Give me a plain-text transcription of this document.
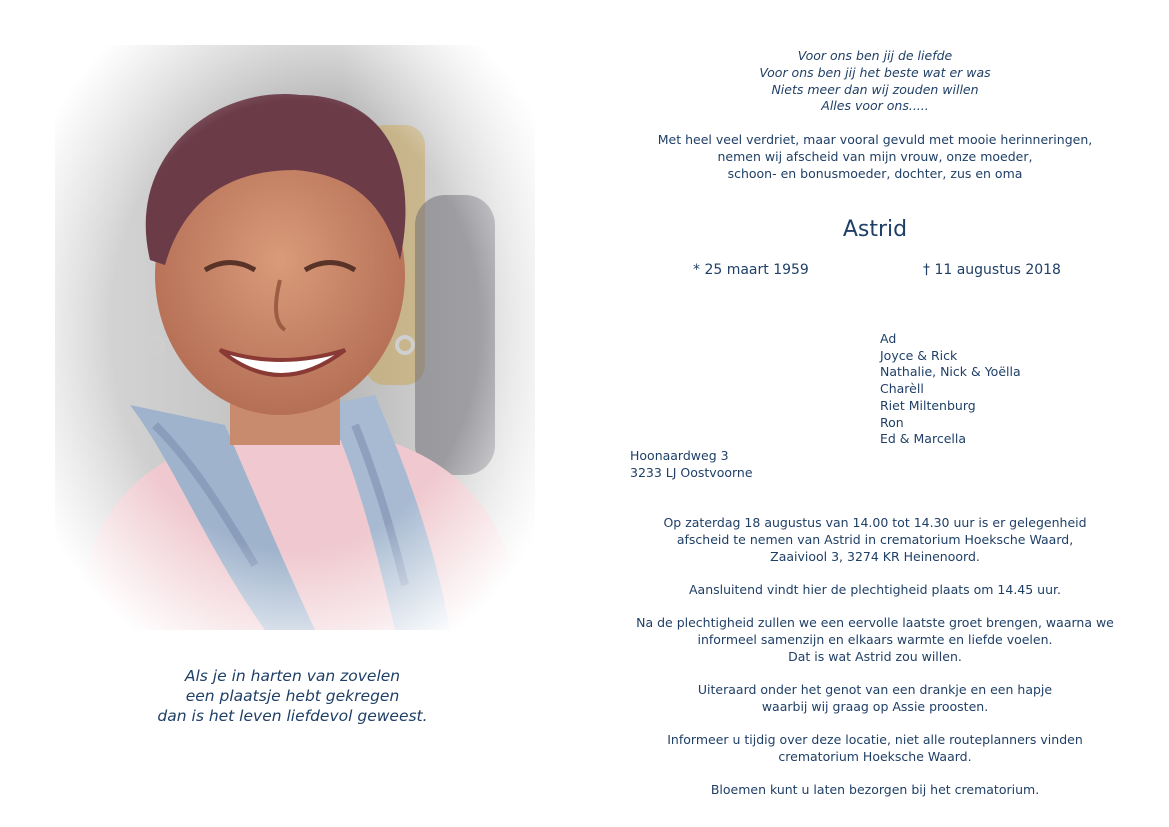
Als je in harten van zovelen
een plaatsje hebt gekregen
dan is het leven liefdevol geweest.
Voor ons ben jij de liefde
Voor ons ben jij het beste wat er was
Niets meer dan wij zouden willen
Alles voor ons.....
Met heel veel verdriet, maar vooral gevuld met mooie herinneringen,
nemen wij afscheid van mijn vrouw, onze moeder,
schoon- en bonusmoeder, dochter, zus en oma
Astrid
* 25 maart 1959	† 11 augustus 2018
Ad
Joyce & Rick
Nathalie, Nick & Yoëlla
Charèll
Riet Miltenburg
Ron
Ed & Marcella
Hoonaardweg 3
3233 LJ Oostvoorne

Op zaterdag 18 augustus van 14.00 tot 14.30 uur is er gelegenheid
afscheid te nemen van Astrid in crematorium Hoeksche Waard,
Zaaiviool 3, 3274 KR Heinenoord.

Aansluitend vindt hier de plechtigheid plaats om 14.45 uur.

Na de plechtigheid zullen we een eervolle laatste groet brengen, waarna we
informeel samenzijn en elkaars warmte en liefde voelen.
Dat is wat Astrid zou willen.

Uiteraard onder het genot van een drankje en een hapje
waarbij wij graag op Assie proosten.

Informeer u tijdig over deze locatie, niet alle routeplanners vinden
crematorium Hoeksche Waard.

Bloemen kunt u laten bezorgen bij het crematorium.
